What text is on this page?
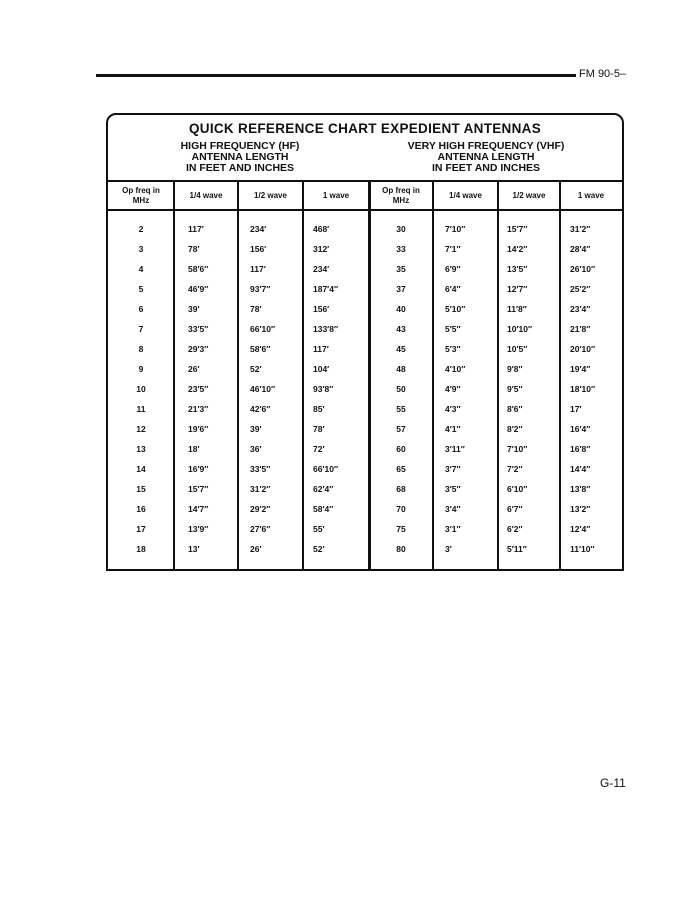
FM 90-5–
QUICK REFERENCE CHART EXPEDIENT ANTENNAS
HIGH FREQUENCY (HF)
ANTENNA LENGTH
IN FEET AND INCHES
VERY HIGH FREQUENCY (VHF)
ANTENNA LENGTH
IN FEET AND INCHES
Op freq in MHz
1/4 wave	1/2 wave	1 wave
Op freq in MHz
1/4 wave	1/2 wave	1 wave
2	117′	234′	468′	30	7′10″	15′7″	31′2″
3	78′	156′	312′	33	7′1″	14′2″	28′4″
4	58′6″	117′	234′	35	6′9″	13′5″	26′10″
5	46′9″	93′7″	187′4″	37	6′4″	12′7″	25′2″
6	39′	78′	156′	40	5′10″	11′8″	23′4″
7	33′5″	66′10″	133′8″	43	5′5″	10′10″	21′8″
8	29′3″	58′6″	117′	45	5′3″	10′5″	20′10″
9	26′	52′	104′	48	4′10″	9′8″	19′4″
10	23′5″	46′10″	93′8″	50	4′9″	9′5″	18′10″
11	21′3″	42′6″	85′	55	4′3″	8′6″	17′
12	19′6″	39′	78′	57	4′1″	8′2″	16′4″
13	18′	36′	72′	60	3′11″	7′10″	16′8″
14	16′9″	33′5″	66′10″	65	3′7″	7′2″	14′4″
15	15′7″	31′2″	62′4″	68	3′5″	6′10″	13′8″
16	14′7″	29′2″	58′4″	70	3′4″	6′7″	13′2″
17	13′9″	27′6″	55′	75	3′1″	6′2″	12′4″
18	13′	26′	52′	80	3′	5′11″	11′10″
G-11
